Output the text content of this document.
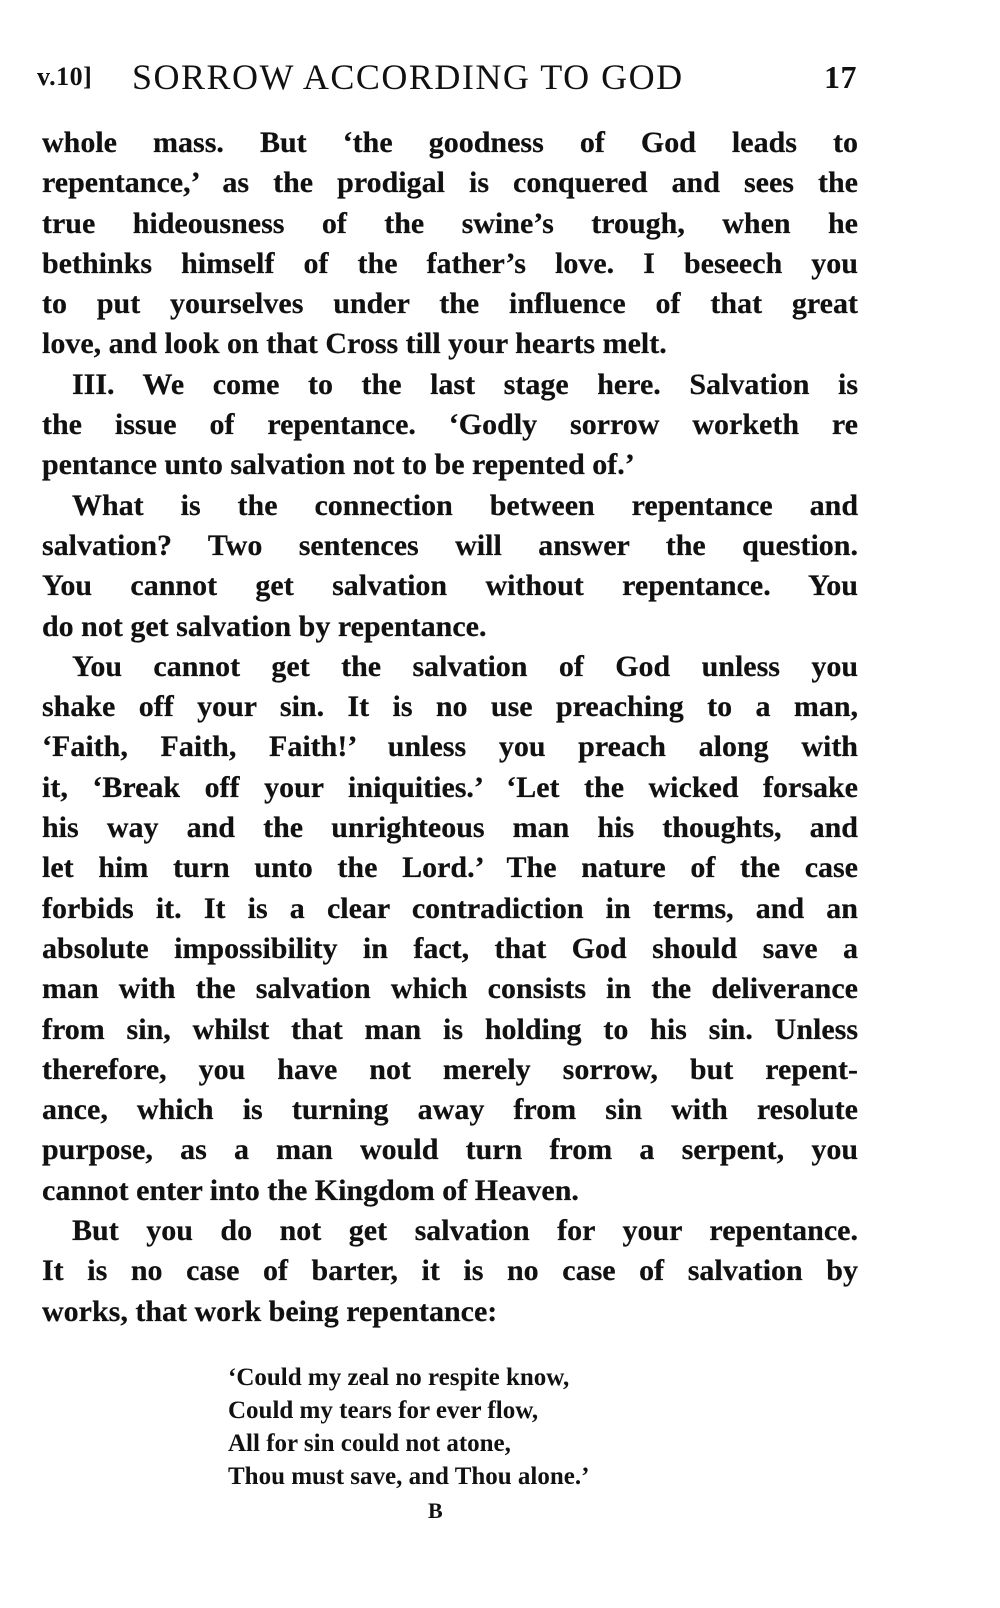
v.10] SORROW ACCORDING TO GOD	17
whole mass. But ‘the goodness of God leads to
repentance,’ as the prodigal is conquered and sees the
true hideousness of the swine’s trough, when he
bethinks himself of the father’s love. I beseech you
to put yourselves under the influence of that great
love, and look on that Cross till your hearts melt.
III. We come to the last stage here. Salvation is
the issue of repentance. ‘Godly sorrow worketh re
pentance unto salvation not to be repented of.’
What is the connection between repentance and
salvation? Two sentences will answer the question.
You cannot get salvation without repentance. You
do not get salvation by repentance.
You cannot get the salvation of God unless you
shake off your sin. It is no use preaching to a man,
‘Faith, Faith, Faith!’ unless you preach along with
it, ‘Break off your iniquities.’ ‘Let the wicked forsake
his way and the unrighteous man his thoughts, and
let him turn unto the Lord.’ The nature of the case
forbids it. It is a clear contradiction in terms, and an
absolute impossibility in fact, that God should save a
man with the salvation which consists in the deliverance
from sin, whilst that man is holding to his sin. Unless
therefore, you have not merely sorrow, but repent-
ance, which is turning away from sin with resolute
purpose, as a man would turn from a serpent, you
cannot enter into the Kingdom of Heaven.
But you do not get salvation for your repentance.
It is no case of barter, it is no case of salvation by
works, that work being repentance:
‘Could my zeal no respite know,
Could my tears for ever flow,
All for sin could not atone,
Thou must save, and Thou alone.’
B
